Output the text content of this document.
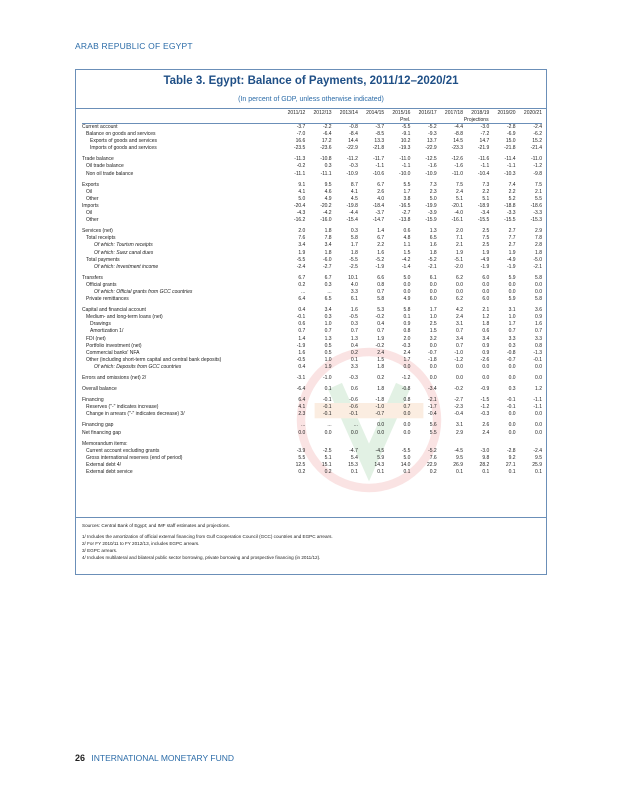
ARAB REPUBLIC OF EGYPT
Table 3. Egypt: Balance of Payments, 2011/12–2020/21
(In percent of GDP, unless otherwise indicated)
	2011/12	2012/13	2013/14	2014/15	2015/16	2016/17	2017/18	2018/19	2019/20	2020/21
					Prel.	Projections				
Current account	-3.7	-2.2	-0.8	-3.7	-5.5	-5.2	-4.4	-3.0	-2.8	-2.4
Balance on goods and services	-7.0	-6.4	-8.4	-8.5	-9.1	-9.3	-8.8	-7.2	-6.9	-6.2
Exports of goods and services	16.6	17.2	14.4	13.3	10.2	13.7	14.5	14.7	15.0	15.2
Imports of goods and services	-23.5	-23.6	-22.9	-21.8	-19.3	-22.9	-23.3	-21.9	-21.8	-21.4

Trade balance	-11.3	-10.8	-11.2	-11.7	-11.0	-12.5	-12.6	-11.6	-11.4	-11.0
Oil trade balance	-0.2	0.3	-0.3	-1.1	-1.1	-1.6	-1.6	-1.1	-1.1	-1.2
Non oil trade balance	-11.1	-11.1	-10.9	-10.6	-10.0	-10.9	-11.0	-10.4	-10.3	-9.8

Exports	9.1	9.5	8.7	6.7	5.5	7.3	7.5	7.3	7.4	7.5
Oil	4.1	4.6	4.1	2.6	1.7	2.3	2.4	2.2	2.2	2.1
Other	5.0	4.9	4.5	4.0	3.8	5.0	5.1	5.1	5.2	5.5
Imports	-20.4	-20.2	-19.8	-18.4	-16.5	-19.9	-20.1	-18.9	-18.8	-18.6
Oil	-4.3	-4.2	-4.4	-3.7	-2.7	-3.9	-4.0	-3.4	-3.3	-3.3
Other	-16.2	-16.0	-15.4	-14.7	-13.8	-15.9	-16.1	-15.5	-15.5	-15.3

Services (net)	2.0	1.8	0.3	1.4	0.6	1.3	2.0	2.5	2.7	2.9
Total receipts	7.6	7.8	5.8	6.7	4.8	6.5	7.1	7.5	7.7	7.8
Of which: Tourism receipts	3.4	3.4	1.7	2.2	1.1	1.6	2.1	2.5	2.7	2.8
Of which: Suez canal dues	1.9	1.8	1.8	1.6	1.5	1.8	1.9	1.9	1.9	1.8
Total payments	-5.5	-6.0	-5.5	-5.2	-4.2	-5.2	-5.1	-4.9	-4.9	-5.0
Of which: Investment income	-2.4	-2.7	-2.5	-1.9	-1.4	-2.1	-2.0	-1.9	-1.9	-2.1

Transfers	6.7	6.7	10.1	6.6	5.0	6.1	6.2	6.0	5.9	5.8
Official grants	0.2	0.3	4.0	0.8	0.0	0.0	0.0	0.0	0.0	0.0
Of which: Official grants from GCC countries	...	...	3.3	0.7	0.0	0.0	0.0	0.0	0.0	0.0
Private remittances	6.4	6.5	6.1	5.8	4.9	6.0	6.2	6.0	5.9	5.8

Capital and financial account	0.4	3.4	1.6	5.3	5.8	1.7	4.2	2.1	3.1	3.6
Medium- and long-term loans (net)	-0.1	0.3	-0.5	-0.2	0.1	1.0	2.4	1.2	1.0	0.9
Drawings	0.6	1.0	0.3	0.4	0.9	2.5	3.1	1.8	1.7	1.6
Amortization 1/	0.7	0.7	0.7	0.7	0.8	1.5	0.7	0.6	0.7	0.7
FDI (net)	1.4	1.3	1.3	1.9	2.0	3.2	3.4	3.4	3.3	3.3
Portfolio investment (net)	-1.9	0.5	0.4	-0.2	-0.3	0.0	0.7	0.9	0.3	0.8
Commercial banks' NFA	1.6	0.5	0.2	2.4	2.4	-0.7	-1.0	0.9	-0.8	-1.3
Other (including short-term capital and central bank deposits)	-0.5	1.0	0.1	1.5	1.7	-1.8	-1.2	-2.6	-0.7	-0.1
Of which: Deposits from GCC countries	0.4	1.9	3.3	1.8	0.0	0.0	0.0	0.0	0.0	0.0

Errors and omissions (net) 2/	-3.1	-1.0	-0.3	0.2	-1.2	0.0	0.0	0.0	0.0	0.0

Overall balance	-6.4	0.1	0.6	1.8	-0.8	-3.4	-0.2	-0.9	0.3	1.2

Financing	6.4	-0.1	-0.6	-1.8	0.8	-2.1	-2.7	-1.5	-0.1	-1.1
Reserves ("-" indicates increase)	4.1	-0.1	-0.6	-1.0	0.7	-1.7	-2.3	-1.2	-0.1	-1.1
Change in arrears ("-" indicates decrease) 3/	2.3	-0.1	-0.1	-0.7	0.0	-0.4	-0.4	-0.3	0.0	0.0

Financing gap	...	...	...	0.0	0.0	5.6	3.1	2.6	0.0	0.0
Net financing gap	0.0	0.0	0.0	0.0	0.0	5.5	2.9	2.4	0.0	0.0

Memorandum items:										
Current account excluding grants	-3.9	-2.5	-4.7	-4.5	-5.5	-5.2	-4.5	-3.0	-2.8	-2.4
Gross international reserves (end of period)	5.5	5.1	5.4	5.9	5.0	7.6	9.5	9.8	9.2	9.5
External debt 4/	12.5	15.1	15.3	14.3	14.0	22.9	26.9	28.2	27.1	25.9
External debt service	0.2	0.2	0.1	0.1	0.1	0.2	0.1	0.1	0.1	0.1
Sources: Central Bank of Egypt; and IMF staff estimates and projections.
1/ Includes the amortization of official external financing from Gulf Cooperation Council (GCC) countries and EGPC arrears.
2/ For FY 2010/11 to FY 2012/13, includes EGPC arrears.
3/ EGPC arrears.
4/ Includes multilateral and bilateral public sector borrowing, private borrowing and prospective financing (in 2011/12).
26 INTERNATIONAL MONETARY FUND
